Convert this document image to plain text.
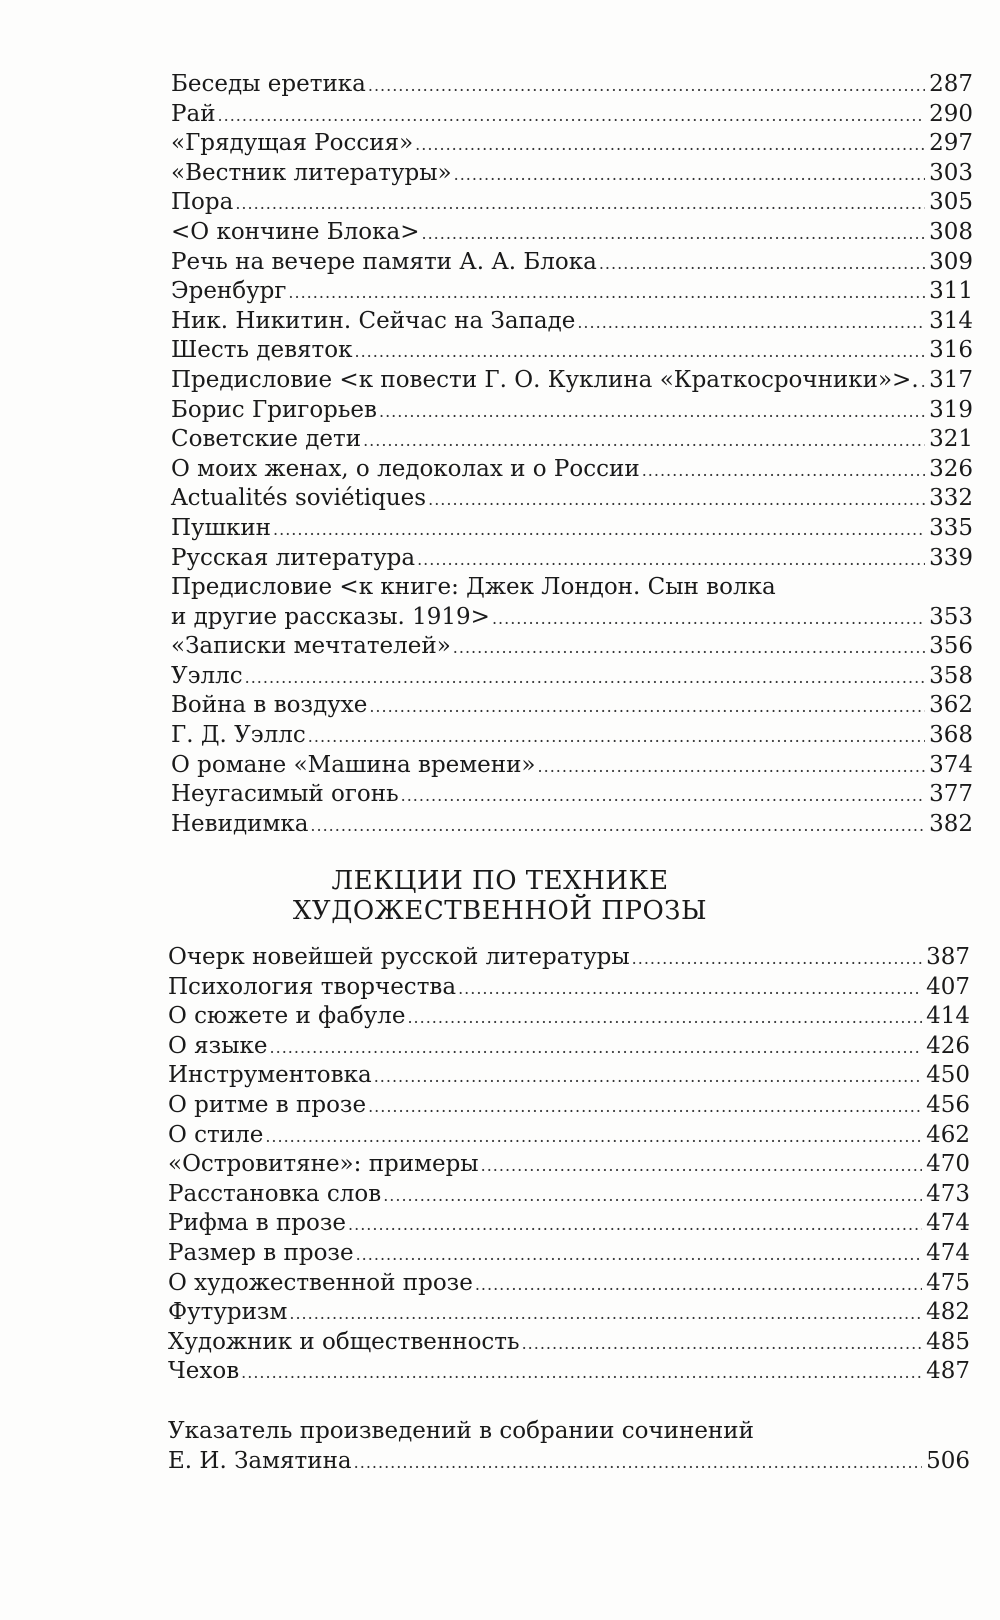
Беседы еретика .....	287
Рай .....	290
«Грядущая Россия» .....	297
«Вестник литературы» .....	303
Пора .....	305
<О кончине Блока> .....	308
Речь на вечере памяти А. А. Блока .....	309
Эренбург .....	311
Ник. Никитин. Сейчас на Западе .....	314
Шесть девяток .....	316
Предисловие <к повести Г. О. Куклина «Краткосрочники»>. ..... 317
Борис Григорьев .....	319
Советские дети .....	321
О моих женах, о ледоколах и о России .....	326
Actualités soviétiques .....	332
Пушкин .....	335
Русская литература .....	339
Предисловие <к книге: Джек Лондон. Сын волка
и другие рассказы. 1919> .....	353
«Записки мечтателей» .....	356
Уэллс .....	358
Война в воздухе .....	362
Г. Д. Уэллс .....	368
О романе «Машина времени» .....	374
Неугасимый огонь .....	377
Невидимка .....	382
ЛЕКЦИИ ПО ТЕХНИКЕ
ХУДОЖЕСТВЕННОЙ ПРОЗЫ
Очерк новейшей русской литературы .....	387
Психология творчества .....	407
О сюжете и фабуле .....	414
О языке .....	426
Инструментовка .....	450
О ритме в прозе .....	456
О стиле .....	462
«Островитяне»: примеры .....	470
Расстановка слов .....	473
Рифма в прозе .....	474
Размер в прозе .....	474
О художественной прозе .....	475
Футуризм .....	482
Художник и общественность .....	485
Чехов .....	487
Указатель произведений в собрании сочинений
Е. И. Замятина .....	506
